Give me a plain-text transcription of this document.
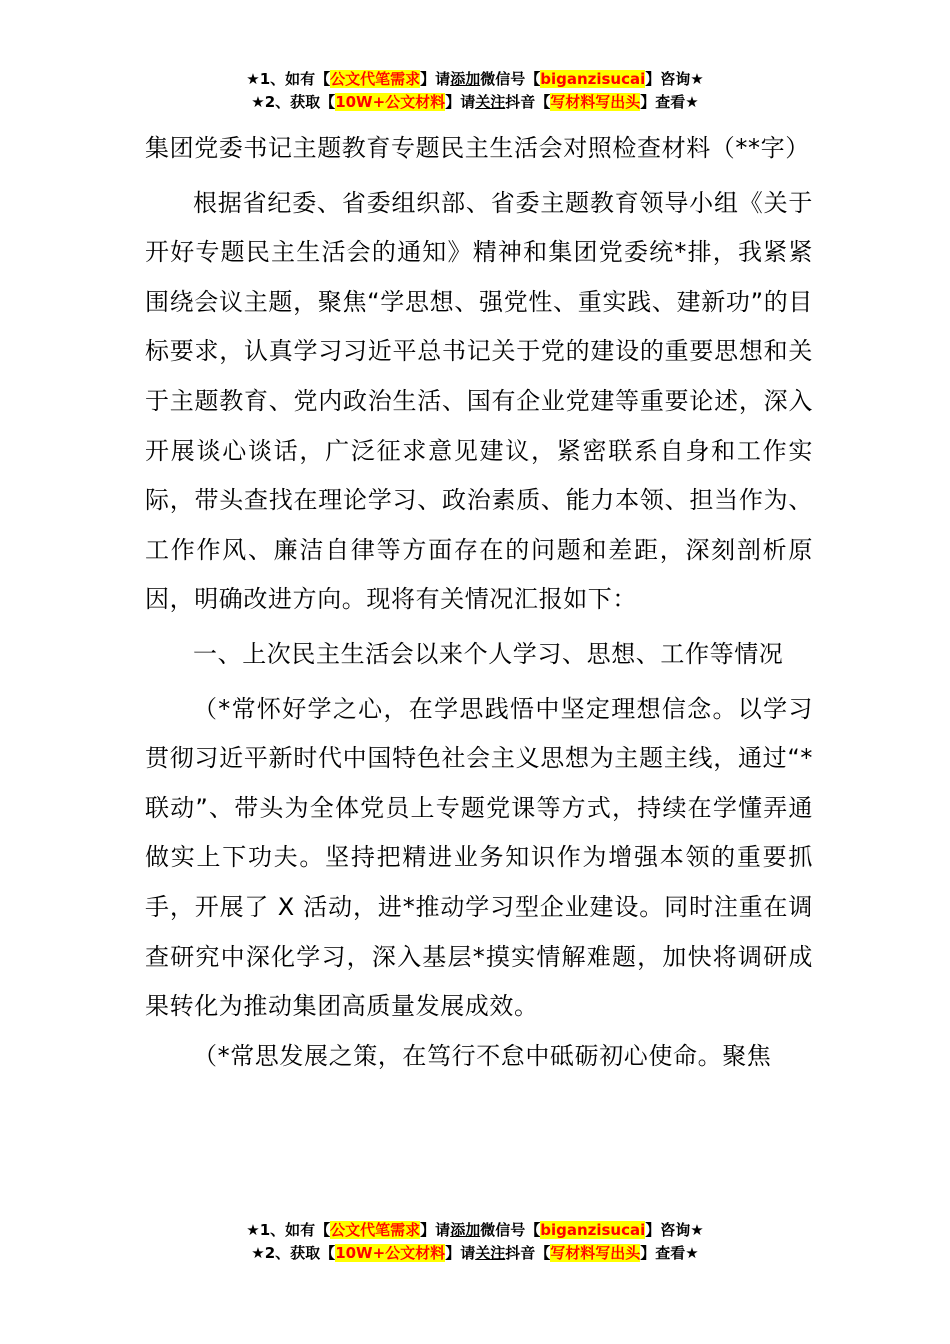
★1、如有【公文代笔需求】请添加微信号【biganzisucai】咨询★
★2、获取【10W+公文材料】请关注抖音【写材料写出头】查看★

集团党委书记主题教育专题民主生活会对照检查材料（**字）

根据省纪委、省委组织部、省委主题教育领导小组《关于开好专题民主生活会的通知》精神和集团党委统*排，我紧紧围绕会议主题，聚焦“学思想、强党性、重实践、建新功”的目标要求，认真学习习近平总书记关于党的建设的重要思想和关于主题教育、党内政治生活、国有企业党建等重要论述，深入开展谈心谈话，广泛征求意见建议，紧密联系自身和工作实际，带头查找在理论学习、政治素质、能力本领、担当作为、工作作风、廉洁自律等方面存在的问题和差距，深刻剖析原因，明确改进方向。现将有关情况汇报如下：

一、上次民主生活会以来个人学习、思想、工作等情况

（*常怀好学之心，在学思践悟中坚定理想信念。以学习贯彻习近平新时代中国特色社会主义思想为主题主线，通过“*联动”、带头为全体党员上专题党课等方式，持续在学懂弄通做实上下功夫。坚持把精进业务知识作为增强本领的重要抓手，开展了 X 活动，进*推动学习型企业建设。同时注重在调查研究中深化学习，深入基层*摸实情解难题，加快将调研成果转化为推动集团高质量发展成效。

（*常思发展之策，在笃行不怠中砥砺初心使命。聚焦

★1、如有【公文代笔需求】请添加微信号【biganzisucai】咨询★
★2、获取【10W+公文材料】请关注抖音【写材料写出头】查看★
